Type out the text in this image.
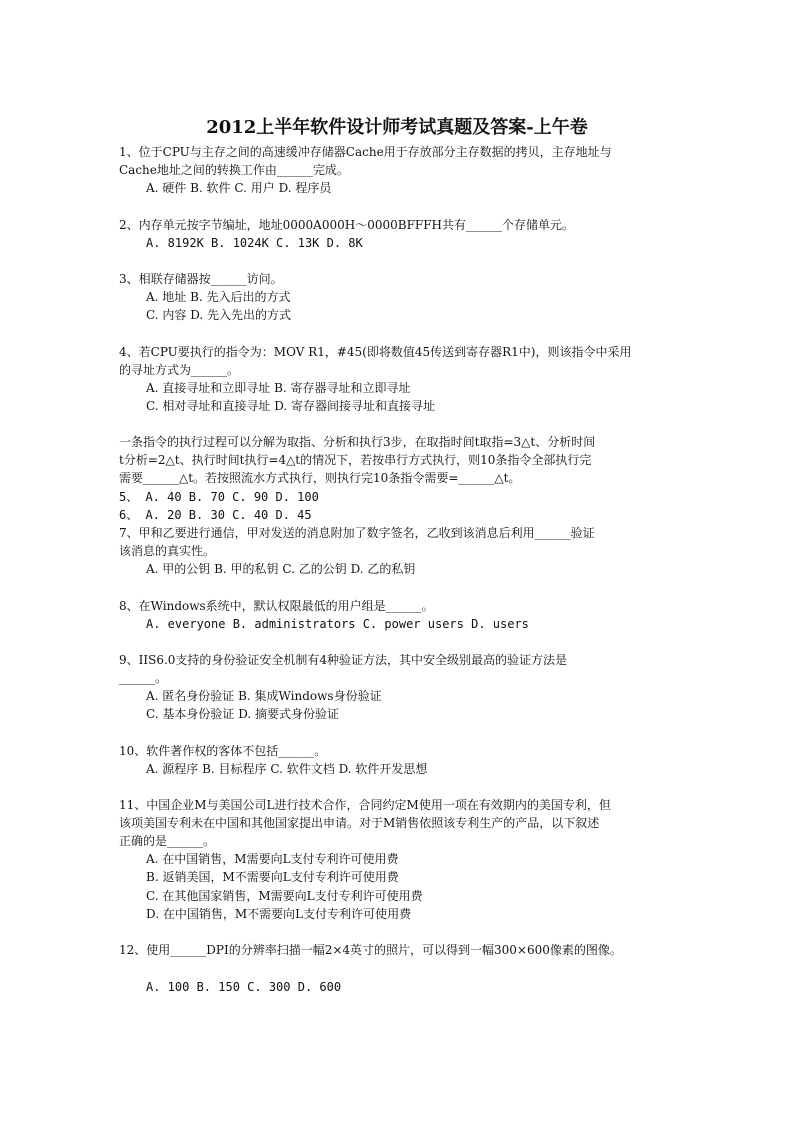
2012上半年软件设计师考试真题及答案-上午卷
1、位于CPU与主存之间的高速缓冲存储器Cache用于存放部分主存数据的拷贝，主存地址与
Cache地址之间的转换工作由______完成。
A. 硬件 B. 软件 C. 用户 D. 程序员
2、内存单元按字节编址，地址0000A000H～0000BFFFH共有______个存储单元。
A. 8192K B. 1024K C. 13K D. 8K
3、相联存储器按______访问。
A. 地址 B. 先入后出的方式
C. 内容 D. 先入先出的方式
4、若CPU要执行的指令为：MOV R1，#45(即将数值45传送到寄存器R1中)，则该指令中采用
的寻址方式为______。
A. 直接寻址和立即寻址 B. 寄存器寻址和立即寻址
C. 相对寻址和直接寻址 D. 寄存器间接寻址和直接寻址
一条指令的执行过程可以分解为取指、分析和执行3步，在取指时间t取指=3△t、分析时间
t分析=2△t、执行时间t执行=4△t的情况下，若按串行方式执行，则10条指令全部执行完
需要______△t。若按照流水方式执行，则执行完10条指令需要=______△t。
5、 A. 40 B. 70 C. 90 D. 100
6、 A. 20 B. 30 C. 40 D. 45
7、甲和乙要进行通信，甲对发送的消息附加了数字签名，乙收到该消息后利用______验证
该消息的真实性。
A. 甲的公钥 B. 甲的私钥 C. 乙的公钥 D. 乙的私钥
8、在Windows系统中，默认权限最低的用户组是______。
A. everyone B. administrators C. power users D. users
9、IIS6.0支持的身份验证安全机制有4种验证方法，其中安全级别最高的验证方法是
______。
A. 匿名身份验证 B. 集成Windows身份验证
C. 基本身份验证 D. 摘要式身份验证
10、软件著作权的客体不包括______。
A. 源程序 B. 目标程序 C. 软件文档 D. 软件开发思想
11、中国企业M与美国公司L进行技术合作，合同约定M使用一项在有效期内的美国专利，但
该项美国专利未在中国和其他国家提出申请。对于M销售依照该专利生产的产品，以下叙述
正确的是______。
A. 在中国销售，M需要向L支付专利许可使用费
B. 返销美国，M不需要向L支付专利许可使用费
C. 在其他国家销售，M需要向L支付专利许可使用费
D. 在中国销售，M不需要向L支付专利许可使用费
12、使用______DPI的分辨率扫描一幅2×4英寸的照片，可以得到一幅300×600像素的图像。
A. 100 B. 150 C. 300 D. 600
